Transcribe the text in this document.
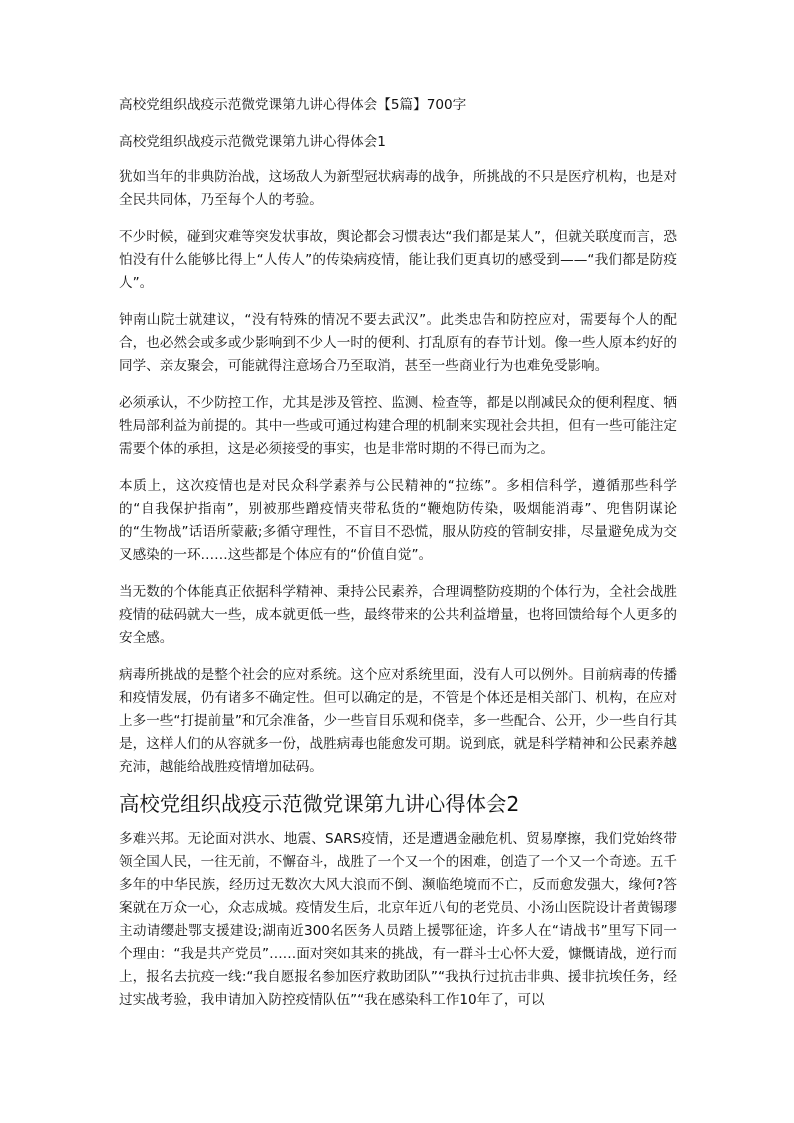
高校党组织战疫示范微党课第九讲心得体会【5篇】700字
高校党组织战疫示范微党课第九讲心得体会1

犹如当年的非典防治战，这场敌人为新型冠状病毒的战争，所挑战的不只是医疗机构，也是对全民共同体，乃至每个人的考验。

不少时候，碰到灾难等突发状事故，舆论都会习惯表达“我们都是某人”，但就关联度而言，恐怕没有什么能够比得上“人传人”的传染病疫情，能让我们更真切的感受到——“我们都是防疫人”。

钟南山院士就建议，“没有特殊的情况不要去武汉”。此类忠告和防控应对，需要每个人的配合，也必然会或多或少影响到不少人一时的便利、打乱原有的春节计划。像一些人原本约好的同学、亲友聚会，可能就得注意场合乃至取消，甚至一些商业行为也难免受影响。

必须承认，不少防控工作，尤其是涉及管控、监测、检查等，都是以削减民众的便利程度、牺牲局部利益为前提的。其中一些或可通过构建合理的机制来实现社会共担，但有一些可能注定需要个体的承担，这是必须接受的事实，也是非常时期的不得已而为之。

本质上，这次疫情也是对民众科学素养与公民精神的“拉练”。多相信科学，遵循那些科学的“自我保护指南”，别被那些蹭疫情夹带私货的“鞭炮防传染，吸烟能消毒”、兜售阴谋论的“生物战”话语所蒙蔽;多循守理性，不盲目不恐慌，服从防疫的管制安排，尽量避免成为交叉感染的一环……这些都是个体应有的“价值自觉”。

当无数的个体能真正依据科学精神、秉持公民素养，合理调整防疫期的个体行为，全社会战胜疫情的砝码就大一些，成本就更低一些，最终带来的公共利益增量，也将回馈给每个人更多的安全感。

病毒所挑战的是整个社会的应对系统。这个应对系统里面，没有人可以例外。目前病毒的传播和疫情发展，仍有诸多不确定性。但可以确定的是，不管是个体还是相关部门、机构，在应对上多一些“打提前量”和冗余准备，少一些盲目乐观和侥幸，多一些配合、公开，少一些自行其是，这样人们的从容就多一份，战胜病毒也能愈发可期。说到底，就是科学精神和公民素养越充沛，越能给战胜疫情增加砝码。

高校党组织战疫示范微党课第九讲心得体会2

多难兴邦。无论面对洪水、地震、SARS疫情，还是遭遇金融危机、贸易摩擦，我们党始终带领全国人民，一往无前，不懈奋斗，战胜了一个又一个的困难，创造了一个又一个奇迹。五千多年的中华民族，经历过无数次大风大浪而不倒、濒临绝境而不亡，反而愈发强大，缘何?答案就在万众一心，众志成城。疫情发生后，北京年近八旬的老党员、小汤山医院设计者黄锡璆主动请缨赴鄂支援建设;湖南近300名医务人员踏上援鄂征途，许多人在“请战书”里写下同一个理由：“我是共产党员”……面对突如其来的挑战，有一群斗士心怀大爱，慷慨请战，逆行而上，报名去抗疫一线:“我自愿报名参加医疗救助团队”“我执行过抗击非典、援非抗埃任务，经过实战考验，我申请加入防控疫情队伍”“我在感染科工作10年了，可以
